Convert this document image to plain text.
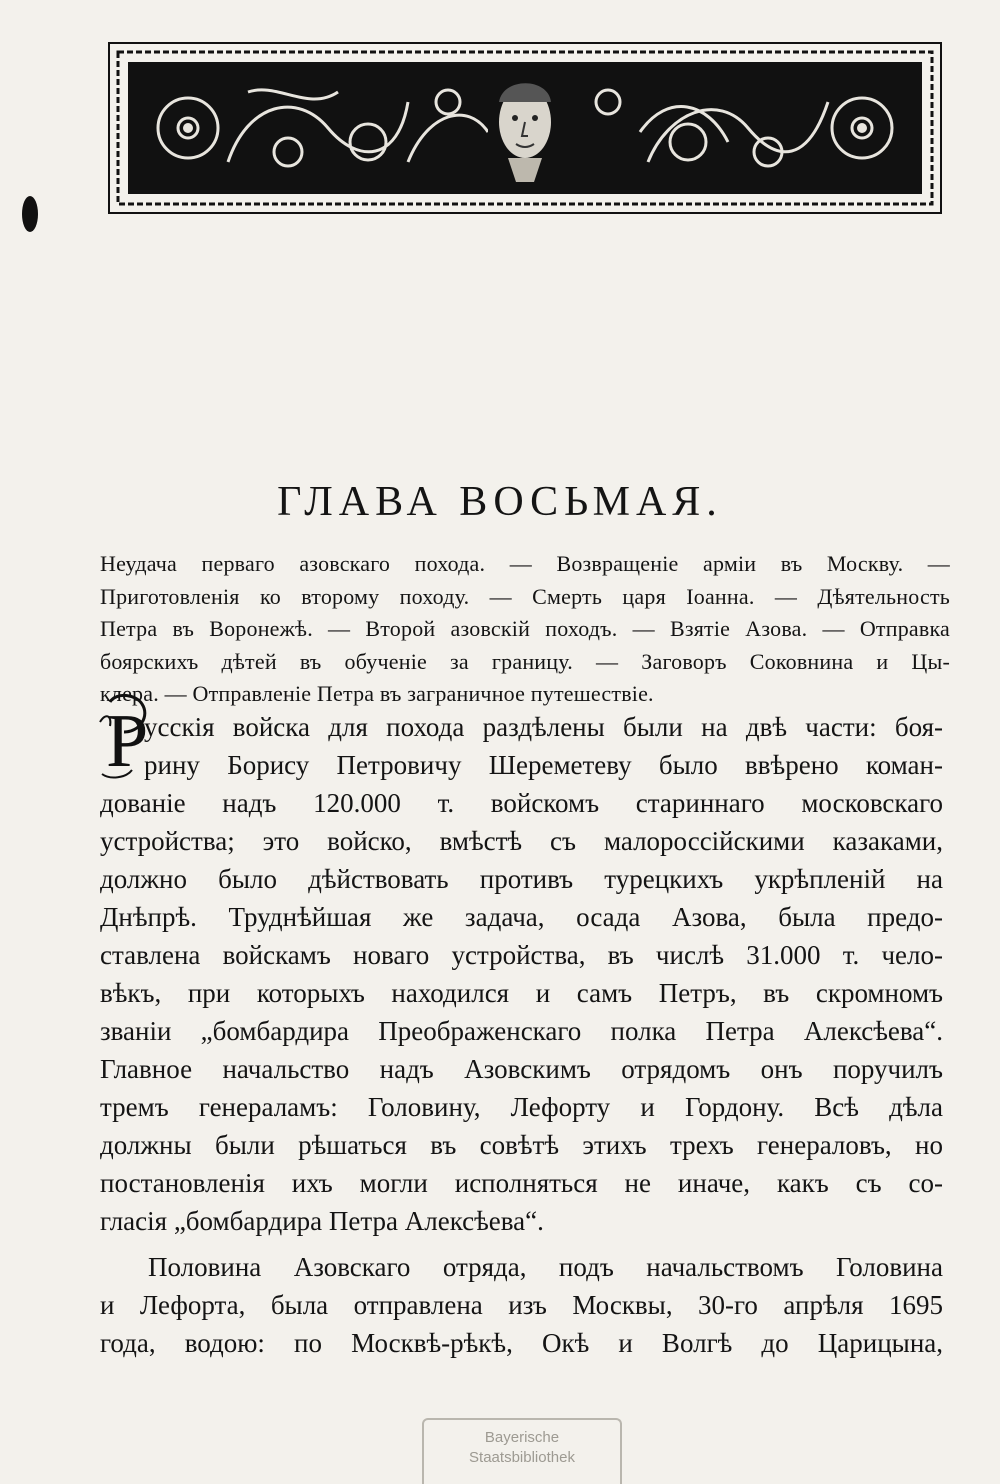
ГЛАВА ВОСЬМАЯ.
Неудача перваго азовскаго похода. — Возвращеніе арміи въ Москву. —
Приготовленія ко второму походу. — Смерть царя Іоанна. — Дѣятельность
Петра въ Воронежѣ. — Второй азовскій походъ. — Взятіе Азова. — Отправка
боярскихъ дѣтей въ обученіе за границу. — Заговоръ Соковнина и Цы-
клера. — Отправленіе Петра въ заграничное путешествіе.
Р
усскія войска для похода раздѣлены были на двѣ части: боя-
рину Борису Петровичу Шереметеву было ввѣрено коман-
дованіе надъ 120.000 т. войскомъ стариннаго московскаго
устройства; это войско, вмѣстѣ съ малороссійскими казаками,
должно было дѣйствовать противъ турецкихъ укрѣпленій на
Днѣпрѣ. Труднѣйшая же задача, осада Азова, была предо-
ставлена войскамъ новаго устройства, въ числѣ 31.000 т. чело-
вѣкъ, при которыхъ находился и самъ Петръ, въ скромномъ
званіи „бомбардира Преображенскаго полка Петра Алексѣева“.
Главное начальство надъ Азовскимъ отрядомъ онъ поручилъ
тремъ генераламъ: Головину, Лефорту и Гордону. Всѣ дѣла
должны были рѣшаться въ совѣтѣ этихъ трехъ генераловъ, но
постановленія ихъ могли исполняться не иначе, какъ съ со-
гласія „бомбардира Петра Алексѣева“.
Половина Азовскаго отряда, подъ начальствомъ Головина
и Лефорта, была отправлена изъ Москвы, 30-го апрѣля 1695
года, водою: по Москвѣ-рѣкѣ, Окѣ и Волгѣ до Царицына,
Bayerische
Staatsbibliothek
